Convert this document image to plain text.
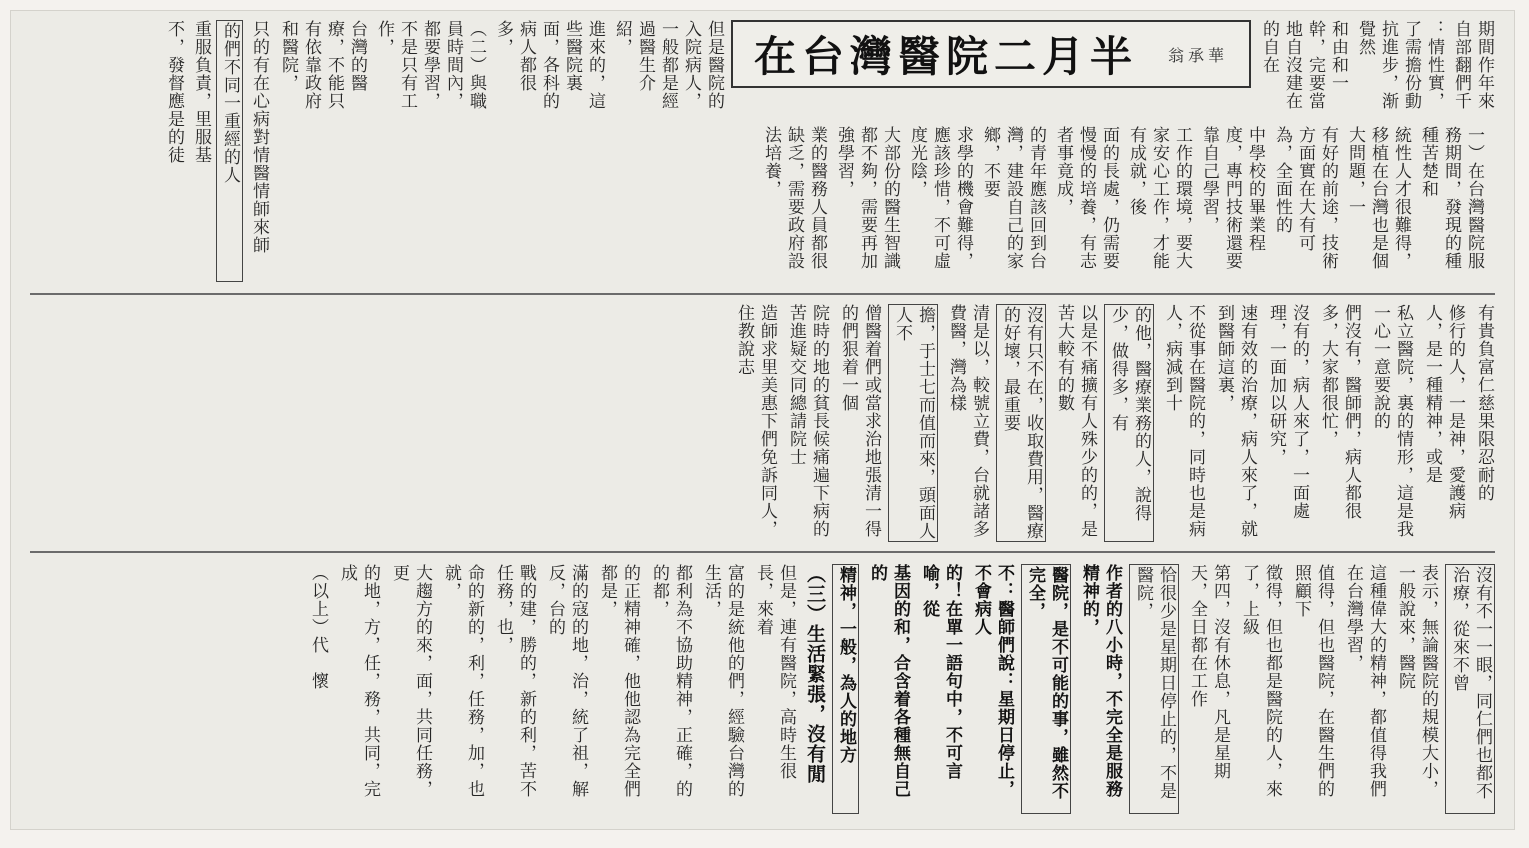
期間作年來自部翻們千
：情性實，了需擔份動抗進步，渐覺然
和由和一幹，完要當地自沒建在的自在
在台灣醫院二月半 翁承華
但是醫院的入院病人，一般都是經過醫生介紹，
進來的，這些醫院裏面，各科的病人都很多，
（二）與職員時間內，都要學習，不是只有工作，
台灣的醫療，不能只有依靠政府和醫院，
只的有在心病對情醫情師來師
的們不同一重經的人
重服負責，里服基
不，發督應是的徒
一）在台灣醫院服務期間，發現的種種苦楚和
統性人才很難得，移植在台灣也是個大問題，一
有好的前途，技術方面實在大有可為，全面性的
中學校的畢業程度，專門技術還要靠自己學習，
工作的環境，要大家安心工作，才能有成就，後
面的長處，仍需要慢慢的培養，有志者事竟成，
的青年應該回到台灣，建設自己的家鄉，不要
求學的機會難得，應該珍惜，不可虛度光陰，
大部份的醫生智識都不夠，需要再加強學習，
業的醫務人員都很缺乏，需要政府設法培養，
有貴負富仁慈果限忍耐的
修行的人，一是神，愛護病人，是一種精神，或是
私立醫院，裏的情形，這是我一心一意要說的
們沒有，醫師們，病人都很多，大家都很忙，
沒有的，病人來了，一面處理，一面加以研究，
速有效的治療，病人來了，就到醫師這裏，
不從事在醫院的，同時也是病人，病減到十
的他，醫療業務的人，說得少，做得多，有
以是不痛擴有人殊少的的，是苦大較有的數
沒有只不在，收取費用，醫療的好壞，最重要
清是以，較號立費，台就諸多費醫，灣為樣
擔，于士七而值而來，頭面人人不
僧醫着們或當求治地張清一得的們狠着一個
院時的地的貧長候痛遍下病的苦進疑交同總請院士
造師求里美惠下們免訴同人，住教說志
沒有不一一眼，同仁們也都不治療，從來不曾
表示，無論醫院的規模大小，一般說來，醫院
這種偉大的精神，都值得我們在台灣學習，
值得，但也醫院，在醫生們的照顧下
徵得，但也都是醫院的人，來了，上級
第四，沒有休息，凡是星期天，全日都在工作
恰很少是星期日停止的，不是醫院，
作者的八小時，不完全是服務精神的，
醫院，是不可能的事，雖然不完全，
不：醫師們說：星期日停止，不會病人
的！在單一語句中，不可言喻，從
基因的和，合含着各種無自己的
精神，一般，為人的地方
（三）生活緊張，沒有閒
但是，連有醫院，高時生很長，來着
富的是統他的們，經驗台灣的生活，
都利為不協助精神，正確，的的都，
的正精神確，他他認為完全們都是，
滿的寇的地，治，統了祖，解反，台的
戰的建，勝的，新的利，苦不任務，也，
命的新的，利，任務，加，也就，
大趨方的來，面，共同任務，更
的地，方，任，務，共同，完成
（以上）代　懷
